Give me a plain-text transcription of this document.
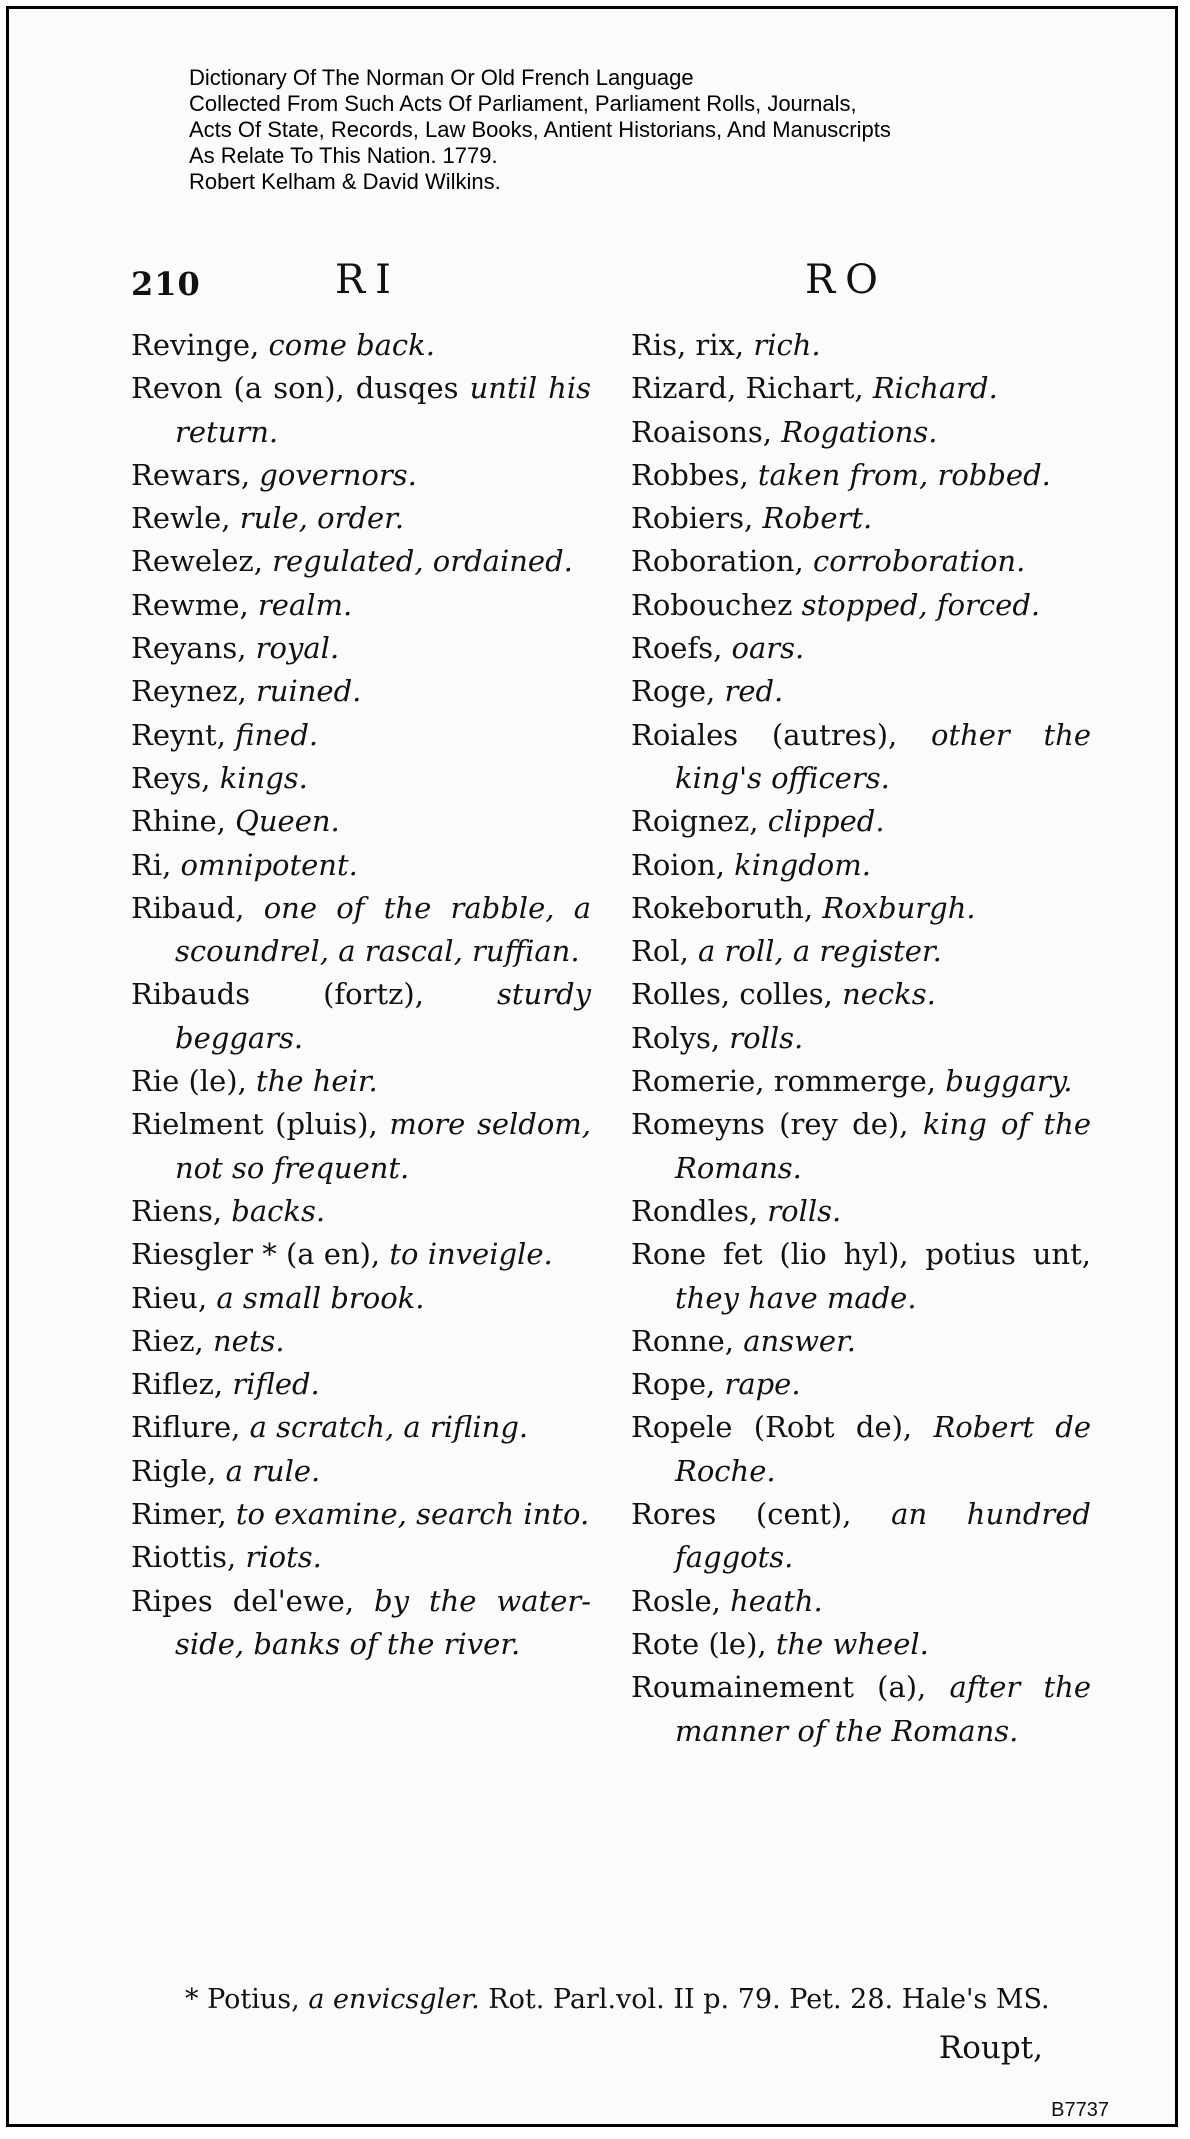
Dictionary Of The Norman Or Old French Language
Collected From Such Acts Of Parliament, Parliament Rolls, Journals,
Acts Of State, Records, Law Books, Antient Historians, And Manuscripts
As Relate To This Nation. 1779.
Robert Kelham & David Wilkins.
210	RI	RO
Revinge, come back.
Revon (a son), dusqes until his return.
Rewars, governors.
Rewle, rule, order.
Rewelez, regulated, ordained.
Rewme, realm.
Reyans, royal.
Reynez, ruined.
Reynt, fined.
Reys, kings.
Rhine, Queen.
Ri, omnipotent.
Ribaud, one of the rabble, a scoundrel, a rascal, ruffian.
Ribauds (fortz),	sturdy beggars.
Rie (le), the heir.
Rielment (pluis), more seldom, not so frequent.
Riens, backs.
Riesgler * (a en), to inveigle.
Rieu, a small brook.
Riez, nets.
Riflez, rifled.
Riflure, a scratch, a rifling.
Rigle, a rule.
Rimer, to examine, search into.
Riottis, riots.
Ripes del'ewe, by the water-side, banks of the river.
Ris, rix, rich.
Rizard, Richart, Richard.
Roaisons, Rogations.
Robbes, taken from, robbed.
Robiers, Robert.
Roboration, corroboration.
Robouchez stopped, forced.
Roefs, oars.
Roge, red.
Roiales (autres), other the king's officers.
Roignez, clipped.
Roion, kingdom.
Rokeboruth, Roxburgh.
Rol, a roll, a register.
Rolles, colles, necks.
Rolys, rolls.
Romerie, rommerge, buggary.
Romeyns (rey de), king of the Romans.
Rondles, rolls.
Rone fet (lio hyl), potius unt, they have made.
Ronne, answer.
Rope, rape.
Ropele (Robt de), Robert de Roche.
Rores (cent), an hundred faggots.
Rosle, heath.
Rote (le), the wheel.
Roumainement (a), after the manner of the Romans.
* Potius, a envicsgler. Rot. Parl.vol. II p. 79. Pet. 28. Hale's MS.
Roupt,
B7737
